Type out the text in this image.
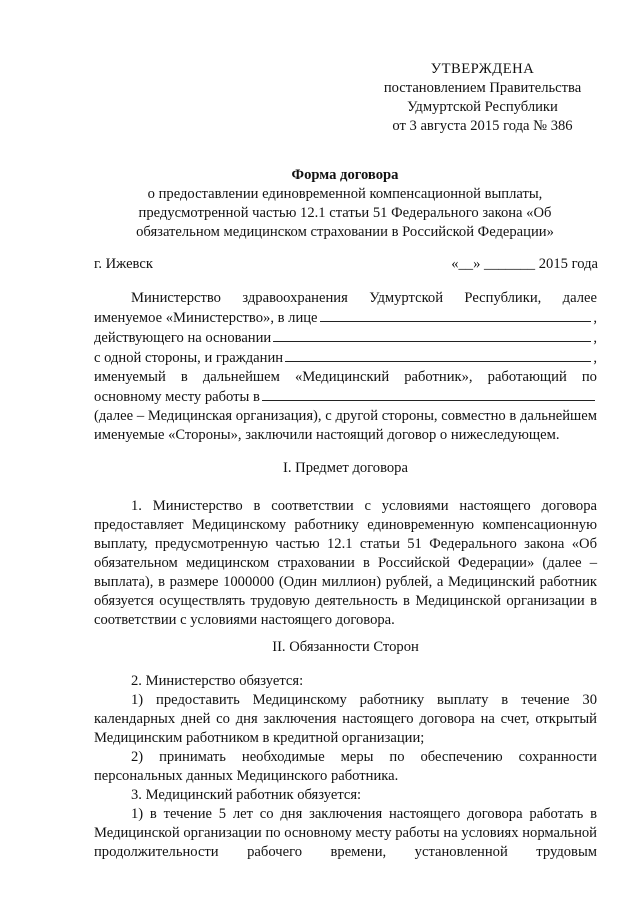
УТВЕРЖДЕНА
постановлением Правительства
Удмуртской Республики
от 3 августа 2015 года № 386
Форма договора
о предоставлении единовременной компенсационной выплаты,
предусмотренной частью 12.1 статьи 51 Федерального закона «Об
обязательном медицинском страховании в Российской Федерации»
г. Ижевск	«__» _______ 2015 года
Министерство здравоохранения Удмуртской Республики, далее
именуемое «Министерство», в лице	,
действующего на основании	,
с одной стороны, и гражданин	,
именуемый в дальнейшем «Медицинский работник», работающий по
основному месту работы в

(далее – Медицинская организация), с другой стороны, совместно в дальнейшем именуемые «Стороны», заключили настоящий договор о нижеследующем.

I. Предмет договора

1. Министерство в соответствии с условиями настоящего договора предоставляет Медицинскому работнику единовременную компенсационную выплату, предусмотренную частью 12.1 статьи 51 Федерального закона «Об обязательном медицинском страховании в Российской Федерации» (далее – выплата), в размере 1000000 (Один миллион) рублей, а Медицинский работник обязуется осуществлять трудовую деятельность в Медицинской организации в соответствии с условиями настоящего договора.

II. Обязанности Сторон

2. Министерство обязуется:

1) предоставить Медицинскому работнику выплату в течение 30 календарных дней со дня заключения настоящего договора на счет, открытый Медицинским работником в кредитной организации;

2) принимать необходимые меры по обеспечению сохранности персональных данных Медицинского работника.

3. Медицинский работник обязуется:

1) в течение 5 лет со дня заключения настоящего договора работать в Медицинской организации по основному месту работы на условиях нормальной продолжительности рабочего времени, установленной трудовым
